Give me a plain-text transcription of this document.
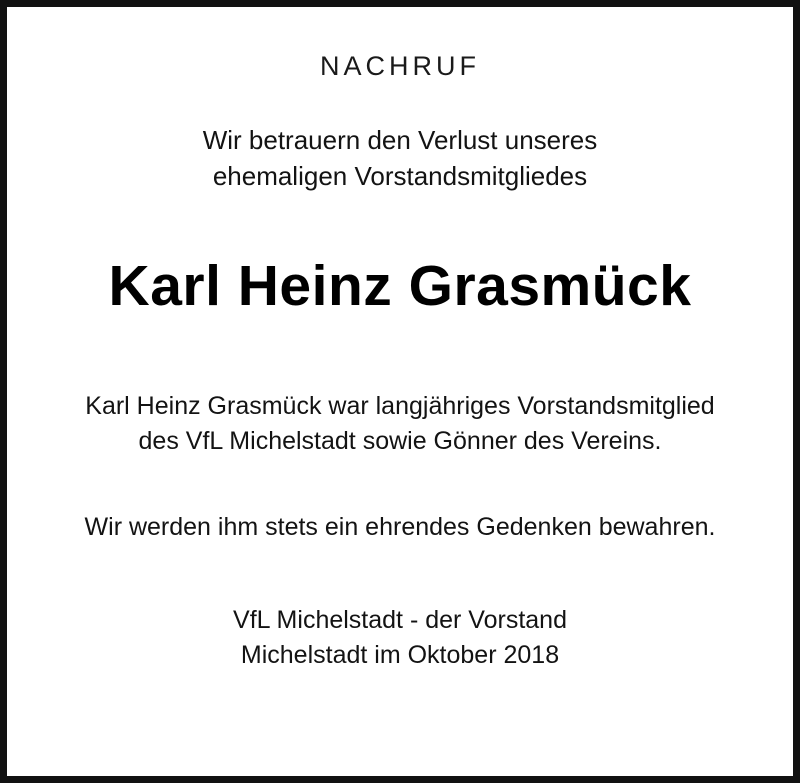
NACHRUF
Wir betrauern den Verlust unseres
ehemaligen Vorstandsmitgliedes
Karl Heinz Grasmück
Karl Heinz Grasmück war langjähriges Vorstandsmitglied
des VfL Michelstadt sowie Gönner des Vereins.
Wir werden ihm stets ein ehrendes Gedenken bewahren.
VfL Michelstadt - der Vorstand
Michelstadt im Oktober 2018
